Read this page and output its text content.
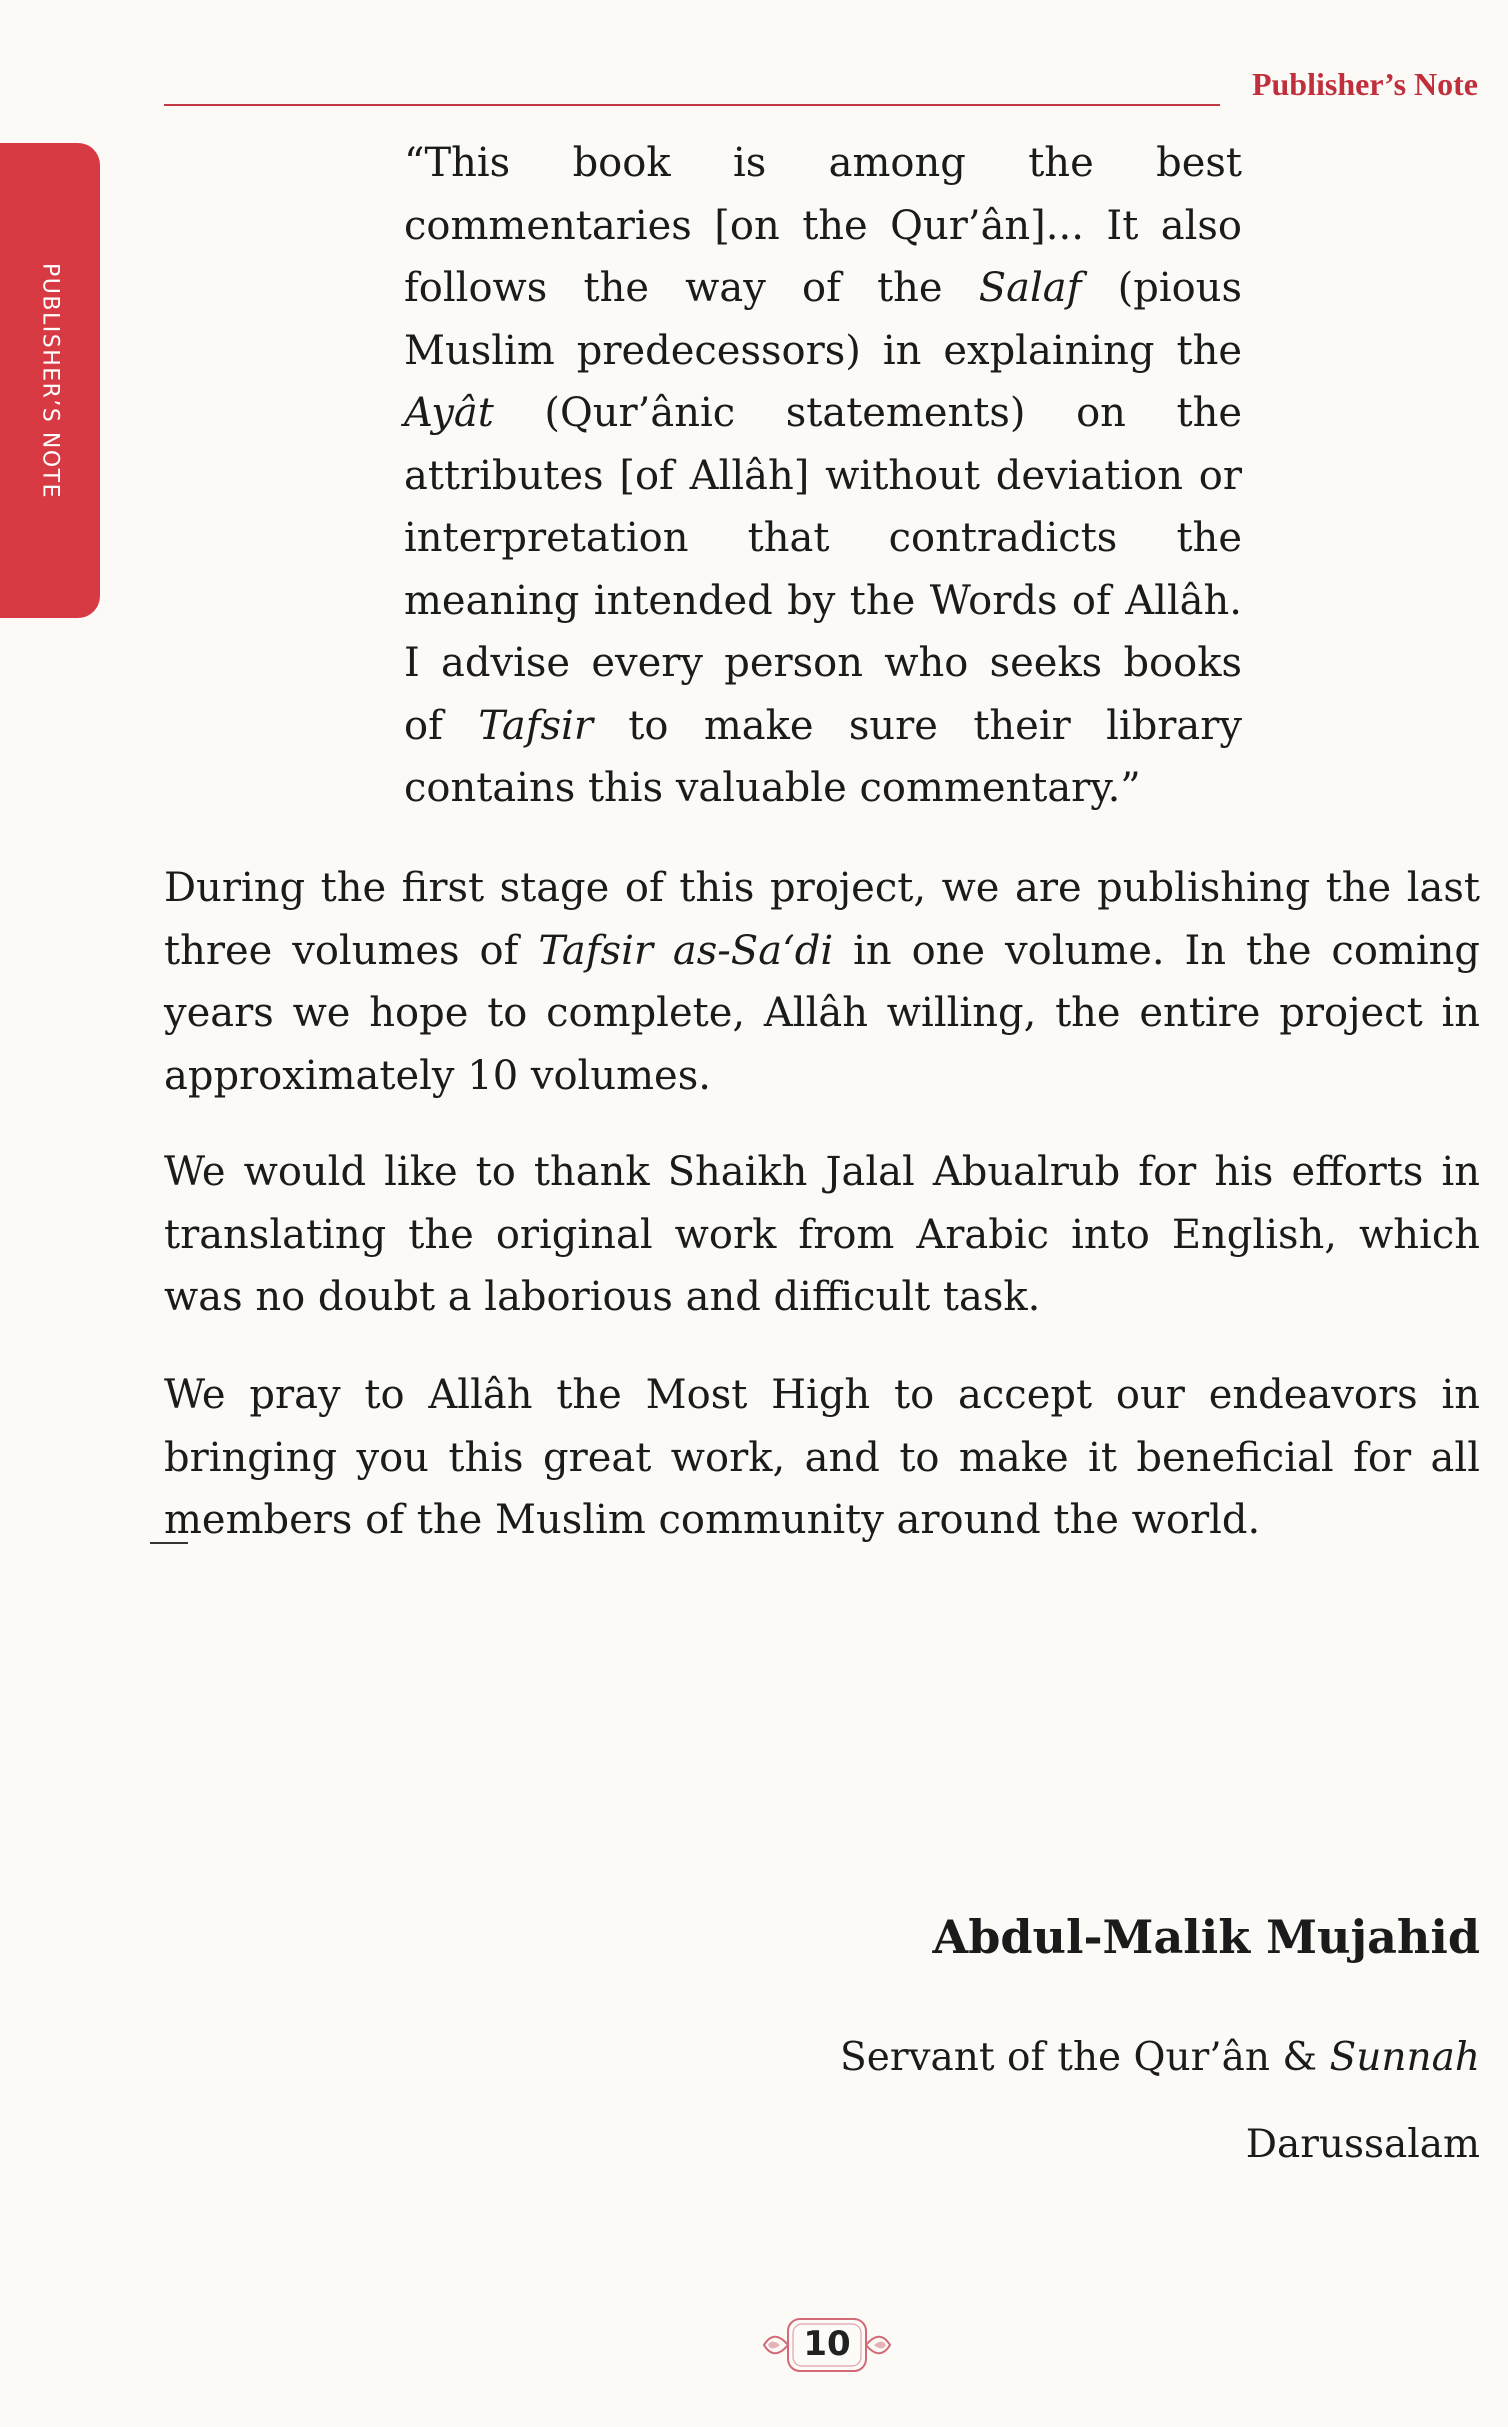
Publisher’s Note
PUBLISHER’S NOTE
“This book is among the best commentaries [on the Qur’ân]... It also follows the way of the Salaf (pious Muslim predecessors) in explaining the Ayât (Qur’ânic statements) on the attributes [of Allâh] without deviation or interpretation that contradicts the meaning intended by the Words of Allâh. I advise every person who seeks books of Tafsir to make sure their library contains this valuable commentary.”
During the first stage of this project, we are publishing the last three volumes of Tafsir as-Sa‘di in one volume. In the coming years we hope to complete, Allâh willing, the entire project in approximately 10 volumes.
We would like to thank Shaikh Jalal Abualrub for his efforts in translating the original work from Arabic into English, which was no doubt a laborious and difficult task.
We pray to Allâh the Most High to accept our endeavors in bringing you this great work, and to make it beneficial for all members of the Muslim community around the world.
Abdul-Malik Mujahid
Servant of the Qur’ân & Sunnah
Darussalam
10
